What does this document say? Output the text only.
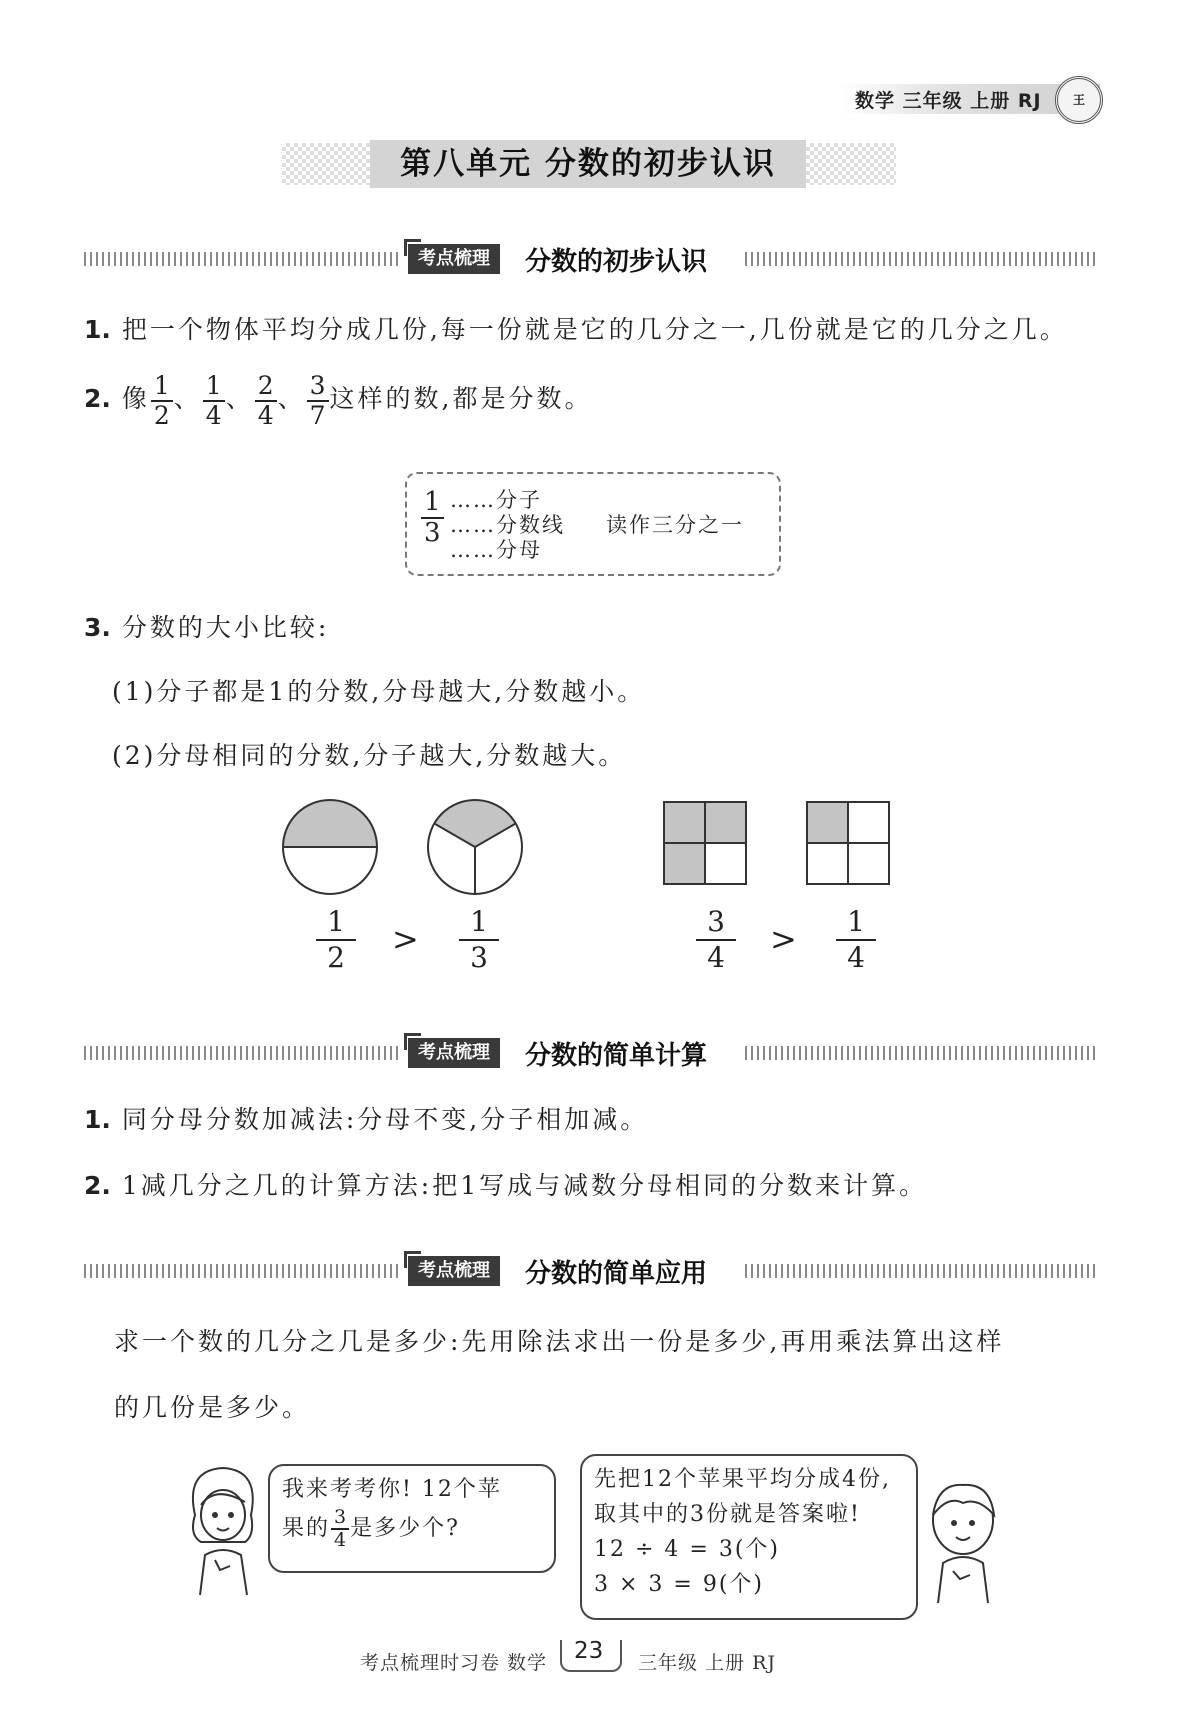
数学 三年级 上册 RJ	王
第八单元 分数的初步认识
考点梳理	分数的初步认识
1. 把一个物体平均分成几份,每一份就是它的几分之一,几份就是它的几分之几。
2. 像 $\frac{1}{2}$ 、 $\frac{1}{4}$ 、 $\frac{2}{4}$ 、 $\frac{3}{7}$ 这样的数,都是分数。
$\frac{1}{3}$ ……分子
……分数线
……分母
读作三分之一
3. 分数的大小比较:
(1)分子都是1的分数,分母越大,分数越小。
(2)分母相同的分数,分子越大,分数越大。
$\frac{1}{2} > \frac{1}{3}$	$\frac{3}{4} > \frac{1}{4}$
考点梳理	分数的简单计算
1. 同分母分数加减法:分母不变,分子相加减。
2. 1减几分之几的计算方法:把1写成与减数分母相同的分数来计算。
考点梳理	分数的简单应用
求一个数的几分之几是多少:先用除法求出一份是多少,再用乘法算出这样
的几份是多少。
我来考考你! 12个苹
果的 $\frac{3}{4}$ 是多少个?
先把12个苹果平均分成4份,
取其中的3份就是答案啦!
12 ÷ 4 = 3(个)
3 × 3 = 9(个)
考点梳理时习卷 数学 23 三年级 上册 RJ
